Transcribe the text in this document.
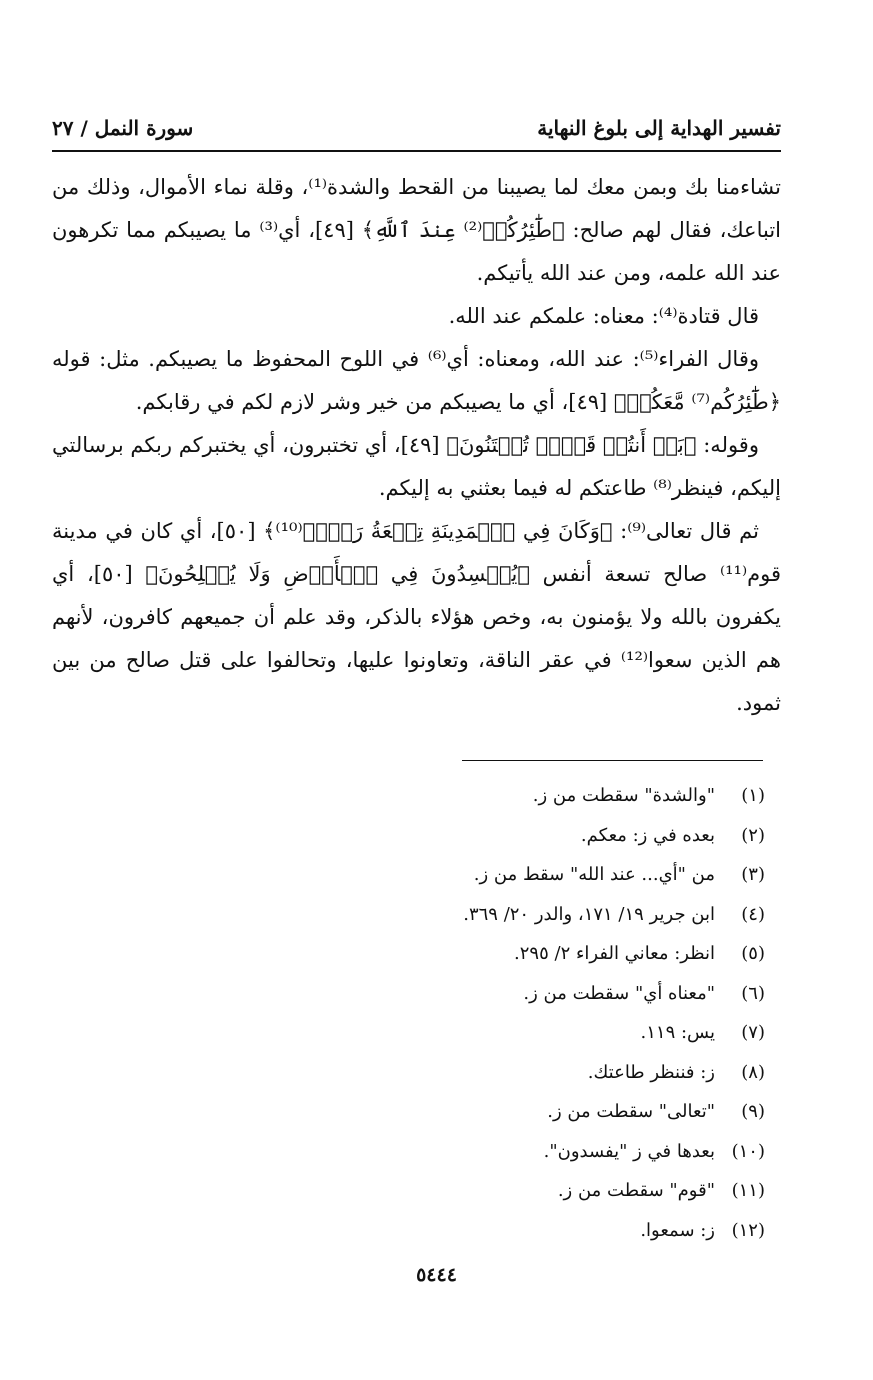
تفسير الهداية إلى بلوغ النهاية
سورة النمل / ٢٧

تشاءمنا بك وبمن معك لما يصيبنا من القحط والشدة⁽¹⁾، وقلة نماء الأموال، وذلك من اتباعك، فقال لهم صالح: ﴿طَٰٓئِرُكُمۡ⁽²⁾ عِندَ ٱللَّهِ﴾ [٤٩]، أي⁽³⁾ ما يصيبكم مما تكرهون عند الله علمه، ومن عند الله يأتيكم.

قال قتادة⁽⁴⁾: معناه: علمكم عند الله.

وقال الفراء⁽⁵⁾: عند الله، ومعناه: أي⁽⁶⁾ في اللوح المحفوظ ما يصيبكم. مثل: قوله ﴿طَٰٓئِرُكُم⁽⁷⁾ مَّعَكُمۡ﴾ [٤٩]، أي ما يصيبكم من خير وشر لازم لكم في رقابكم.

وقوله: ﴿بَلۡ أَنتُمۡ قَوۡمٞ تُفۡتَنُونَ﴾ [٤٩]، أي تختبرون، أي يختبركم ربكم برسالتي إليكم، فينظر⁽⁸⁾ طاعتكم له فيما بعثني به إليكم.

ثم قال تعالى⁽⁹⁾: ﴿وَكَانَ فِي ٱلۡمَدِينَةِ تِسۡعَةُ رَهۡطٖ⁽¹⁰⁾﴾ [٥٠]، أي كان في مدينة قوم⁽¹¹⁾ صالح تسعة أنفس ﴿يُفۡسِدُونَ فِي ٱلۡأَرۡضِ وَلَا يُصۡلِحُونَ﴾ [٥٠]، أي يكفرون بالله ولا يؤمنون به، وخص هؤلاء بالذكر، وقد علم أن جميعهم كافرون، لأنهم هم الذين سعوا⁽¹²⁾ في عقر الناقة، وتعاونوا عليها، وتحالفوا على قتل صالح من بين ثمود.

(١)
"والشدة" سقطت من ز.
(٢)
بعده في ز: معكم.
(٣)
من "أي... عند الله" سقط من ز.
(٤)
ابن جرير ١٩/ ١٧١، والدر ٢٠/ ٣٦٩.
(٥)
انظر: معاني الفراء ٢/ ٢٩٥.
(٦)
"معناه أي" سقطت من ز.
(٧)
يس: ١١٩.
(٨)
ز: فننظر طاعتك.
(٩)
"تعالى" سقطت من ز.
(١٠)
بعدها في ز "يفسدون".
(١١)
"قوم" سقطت من ز.
(١٢)
ز: سمعوا.
٥٤٤٤
